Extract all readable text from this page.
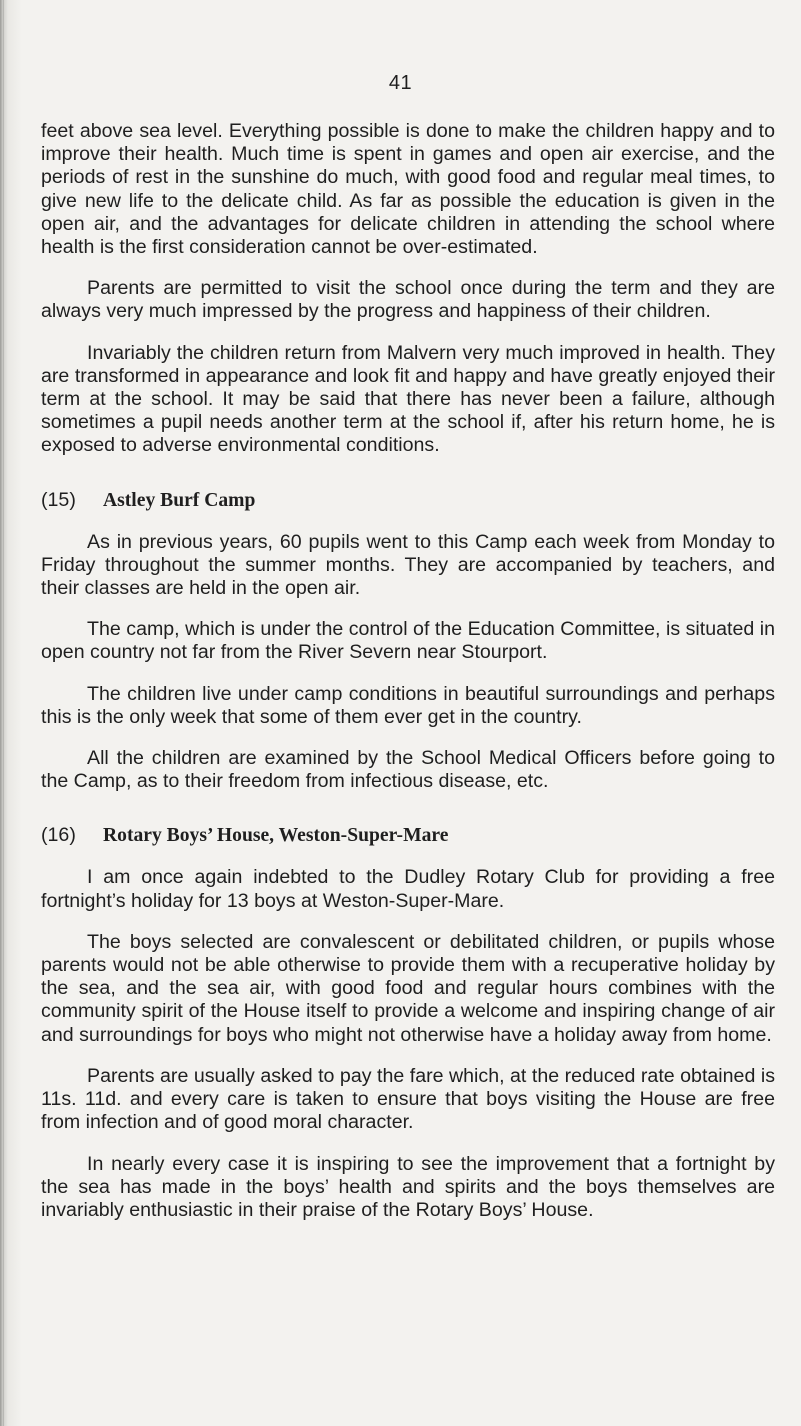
41

feet above sea level. Everything possible is done to make the children happy and to improve their health. Much time is spent in games and open air exercise, and the periods of rest in the sunshine do much, with good food and regular meal times, to give new life to the delicate child. As far as possible the education is given in the open air, and the advantages for delicate children in attending the school where health is the first consideration cannot be over-estimated.

Parents are permitted to visit the school once during the term and they are always very much impressed by the progress and happiness of their children.

Invariably the children return from Malvern very much improved in health. They are transformed in appearance and look fit and happy and have greatly enjoyed their term at the school. It may be said that there has never been a failure, although sometimes a pupil needs another term at the school if, after his return home, he is exposed to adverse environmental conditions.

(15) Astley Burf Camp

As in previous years, 60 pupils went to this Camp each week from Monday to Friday throughout the summer months. They are accompanied by teachers, and their classes are held in the open air.

The camp, which is under the control of the Education Committee, is situated in open country not far from the River Severn near Stourport.

The children live under camp conditions in beautiful surroundings and perhaps this is the only week that some of them ever get in the country.

All the children are examined by the School Medical Officers before going to the Camp, as to their freedom from infectious disease, etc.

(16) Rotary Boys’ House, Weston-Super-Mare

I am once again indebted to the Dudley Rotary Club for providing a free fortnight’s holiday for 13 boys at Weston-Super-Mare.

The boys selected are convalescent or debilitated children, or pupils whose parents would not be able otherwise to provide them with a recuperative holiday by the sea, and the sea air, with good food and regular hours combines with the community spirit of the House itself to provide a welcome and inspiring change of air and surroundings for boys who might not otherwise have a holiday away from home.

Parents are usually asked to pay the fare which, at the reduced rate obtained is 11s. 11d. and every care is taken to ensure that boys visiting the House are free from infection and of good moral character.

In nearly every case it is inspiring to see the improvement that a fortnight by the sea has made in the boys’ health and spirits and the boys themselves are invariably enthusiastic in their praise of the Rotary Boys’ House.
